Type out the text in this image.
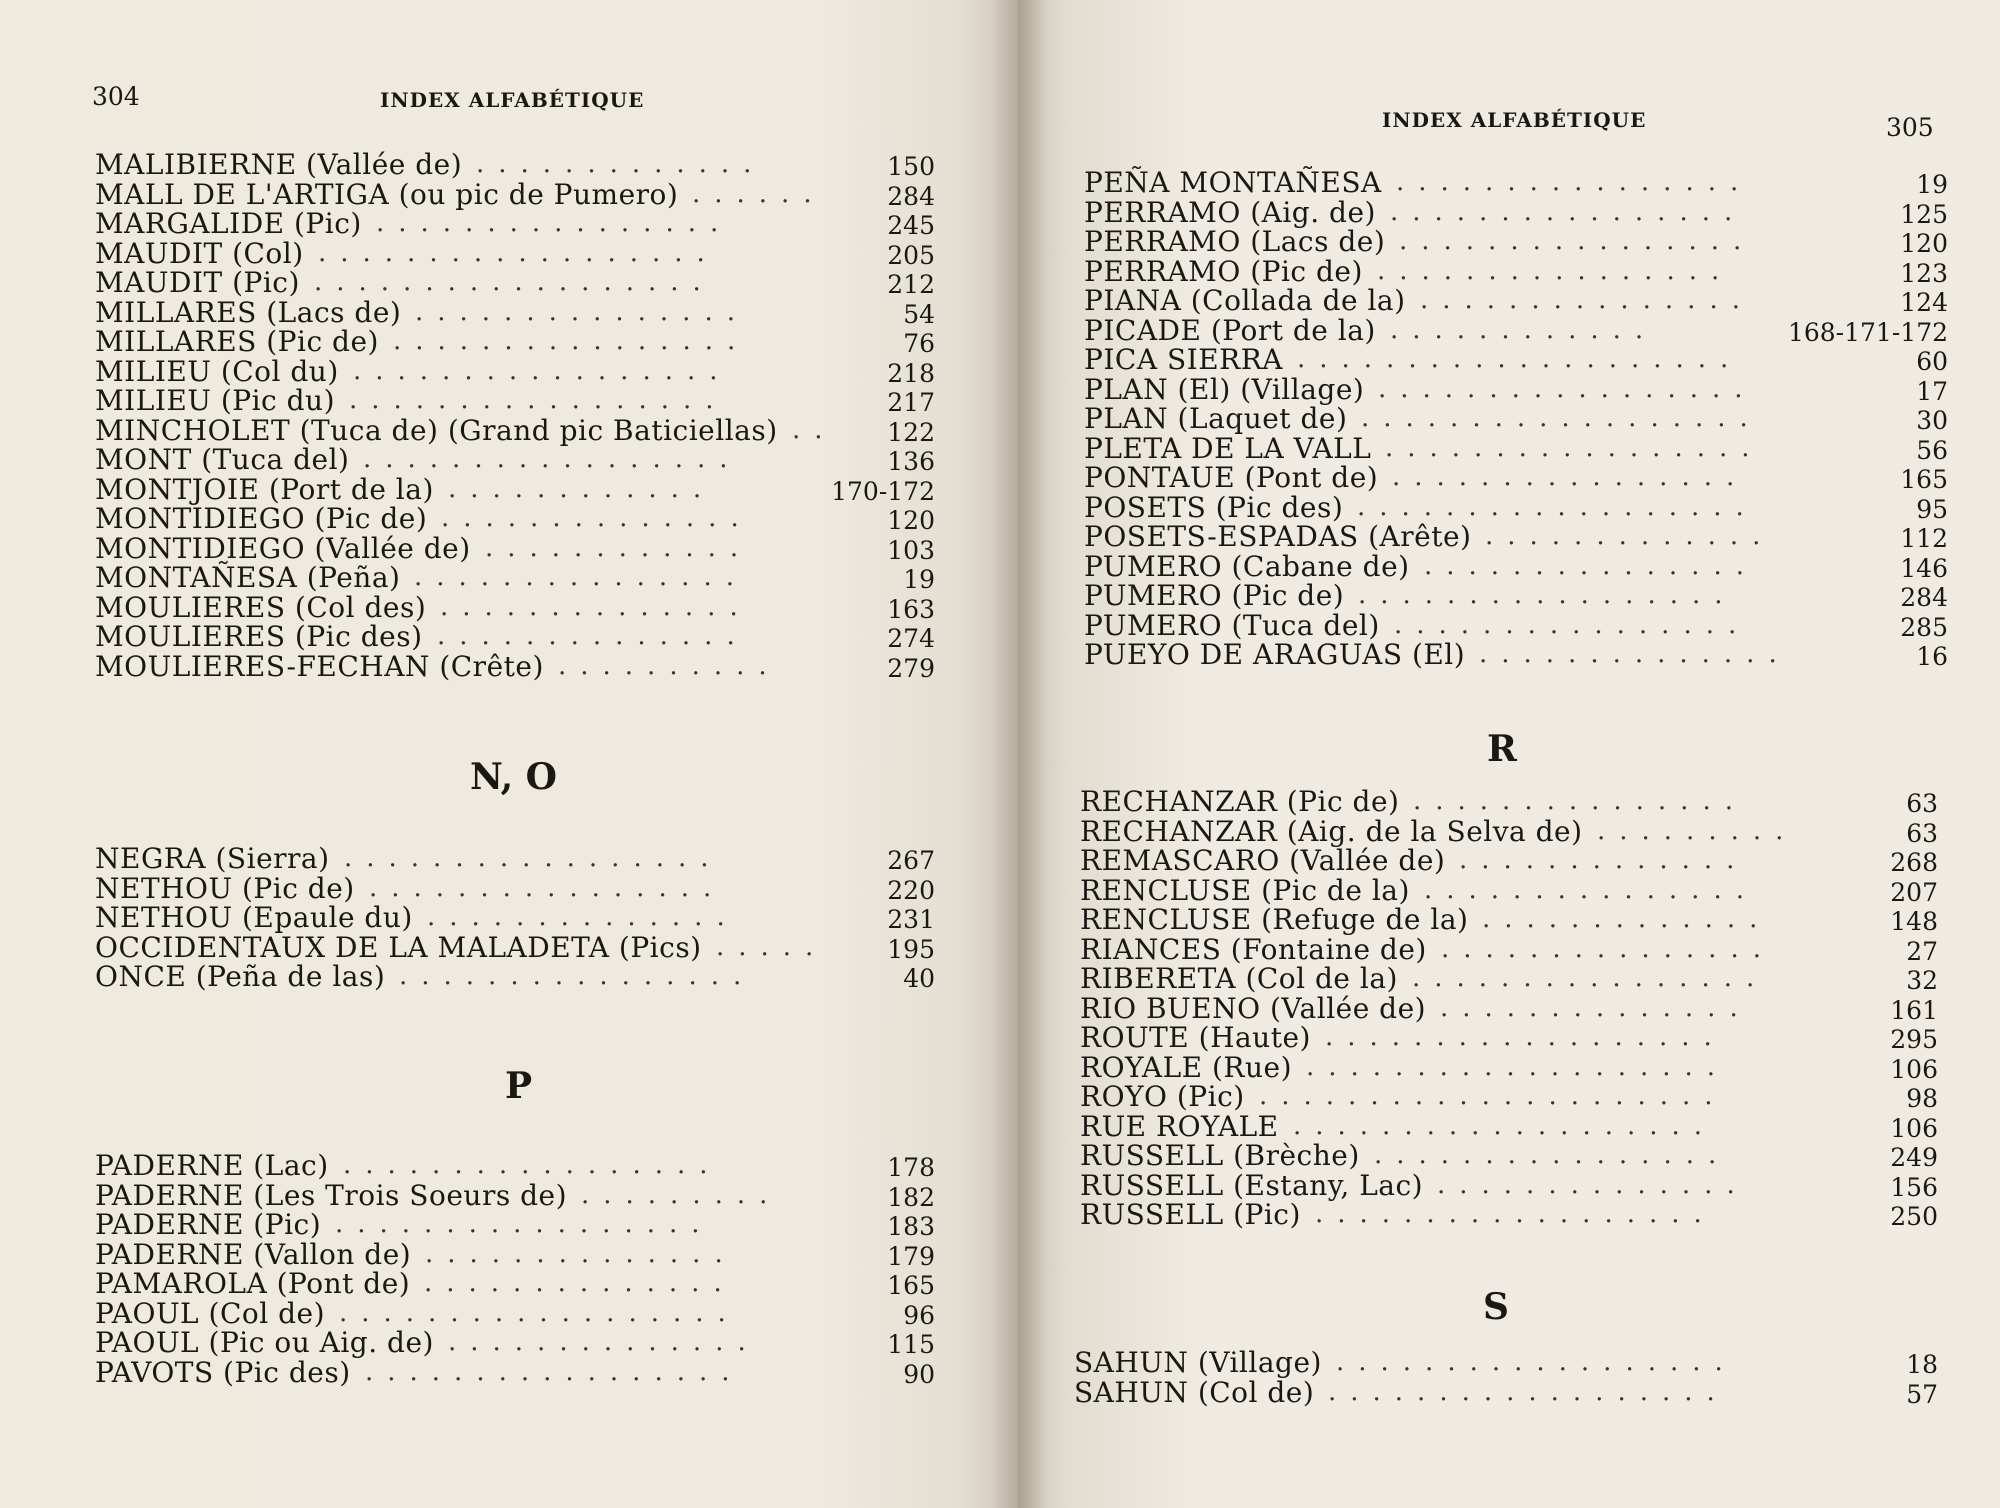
304	INDEX ALFABÉTIQUE
MALIBIERNE (Vallée de)	150
.............
MALL DE L'ARTIGA (ou pic de Pumero)	284
......
MARGALIDE (Pic)	245
................
MAUDIT (Col)	205
..................
MAUDIT (Pic)	212
..................
MILLARES (Lacs de)	54
...............
MILLARES (Pic de)	76
................
MILIEU (Col du)	218
.................
MILIEU (Pic du)	217
.................
MINCHOLET (Tuca de) (Grand pic Baticiellas)	122
..
MONT (Tuca del)	136
.................
MONTJOIE (Port de la)	170-172
............
MONTIDIEGO (Pic de)	120
..............
MONTIDIEGO (Vallée de)	103
............
MONTAÑESA (Peña)	19
...............
MOULIERES (Col des)	163
..............
MOULIERES (Pic des)	274
..............
MOULIERES-FECHAN (Crête)	279
..........
N, O
NEGRA (Sierra)	267
.................
NETHOU (Pic de)	220
................
NETHOU (Epaule du)	231
..............
OCCIDENTAUX DE LA MALADETA (Pics)	195
.....
ONCE (Peña de las)	40
................
P
PADERNE (Lac)	178
.................
PADERNE (Les Trois Soeurs de)	182
.........
PADERNE (Pic)	183
.................
PADERNE (Vallon de)	179
..............
PAMAROLA (Pont de)	165
..............
PAOUL (Col de)	96
..................
PAOUL (Pic ou Aig. de)	115
..............
PAVOTS (Pic des)	90
.................
INDEX ALFABÉTIQUE	305
PEÑA MONTAÑESA	19
................
PERRAMO (Aig. de)	125
................
PERRAMO (Lacs de)	120
................
PERRAMO (Pic de)	123
................
PIANA (Collada de la)	124
...............
PICADE (Port de la)	168-171-172
............
PICA SIERRA	60
....................
PLAN (El) (Village)	17
.................
PLAN (Laquet de)	30
..................
PLETA DE LA VALL	56
.................
PONTAUE (Pont de)	165
................
POSETS (Pic des)	95
..................
POSETS-ESPADAS (Arête)	112
.............
PUMERO (Cabane de)	146
...............
PUMERO (Pic de)	284
.................
PUMERO (Tuca del)	285
................
PUEYO DE ARAGUAS (El)	16
..............
R
RECHANZAR (Pic de)	63
...............
RECHANZAR (Aig. de la Selva de)	63
.........
REMASCARO (Vallée de)	268
.............
RENCLUSE (Pic de la)	207
...............
RENCLUSE (Refuge de la)	148
.............
RIANCES (Fontaine de)	27
...............
RIBERETA (Col de la)	32
................
RIO BUENO (Vallée de)	161
..............
ROUTE (Haute)	295
..................
ROYALE (Rue)	106
...................
ROYO (Pic)	98
.....................
RUE ROYALE	106
...................
RUSSELL (Brèche)	249
................
RUSSELL (Estany, Lac)	156
..............
RUSSELL (Pic)	250
..................
S
SAHUN (Village)	18
..................
SAHUN (Col de)	57
..................
